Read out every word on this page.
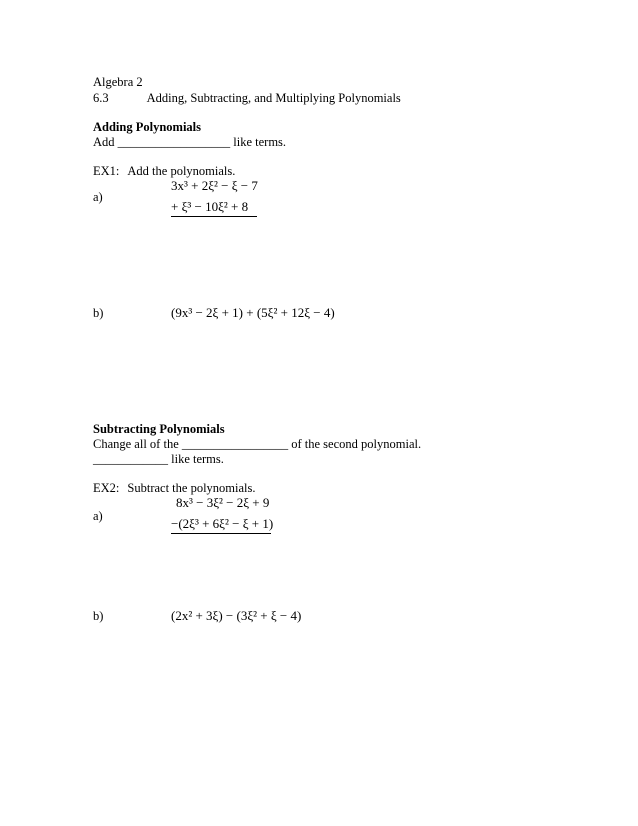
Algebra 2
6.3	Adding, Subtracting, and Multiplying Polynomials
Adding Polynomials
Add __________________ like terms.
EX1: Add the polynomials.
3x³ + 2ξ² − ξ − 7
a)
+ ξ³ − 10ξ² + 8
b)	(9x³ − 2ξ + 1) + (5ξ² + 12ξ − 4)
Subtracting Polynomials
Change all of the _________________ of the second polynomial.
____________ like terms.
EX2: Subtract the polynomials.
8x³ − 3ξ² − 2ξ + 9
a)	−(2ξ³ + 6ξ² − ξ + 1)
b)	(2x² + 3ξ) − (3ξ² + ξ − 4)
